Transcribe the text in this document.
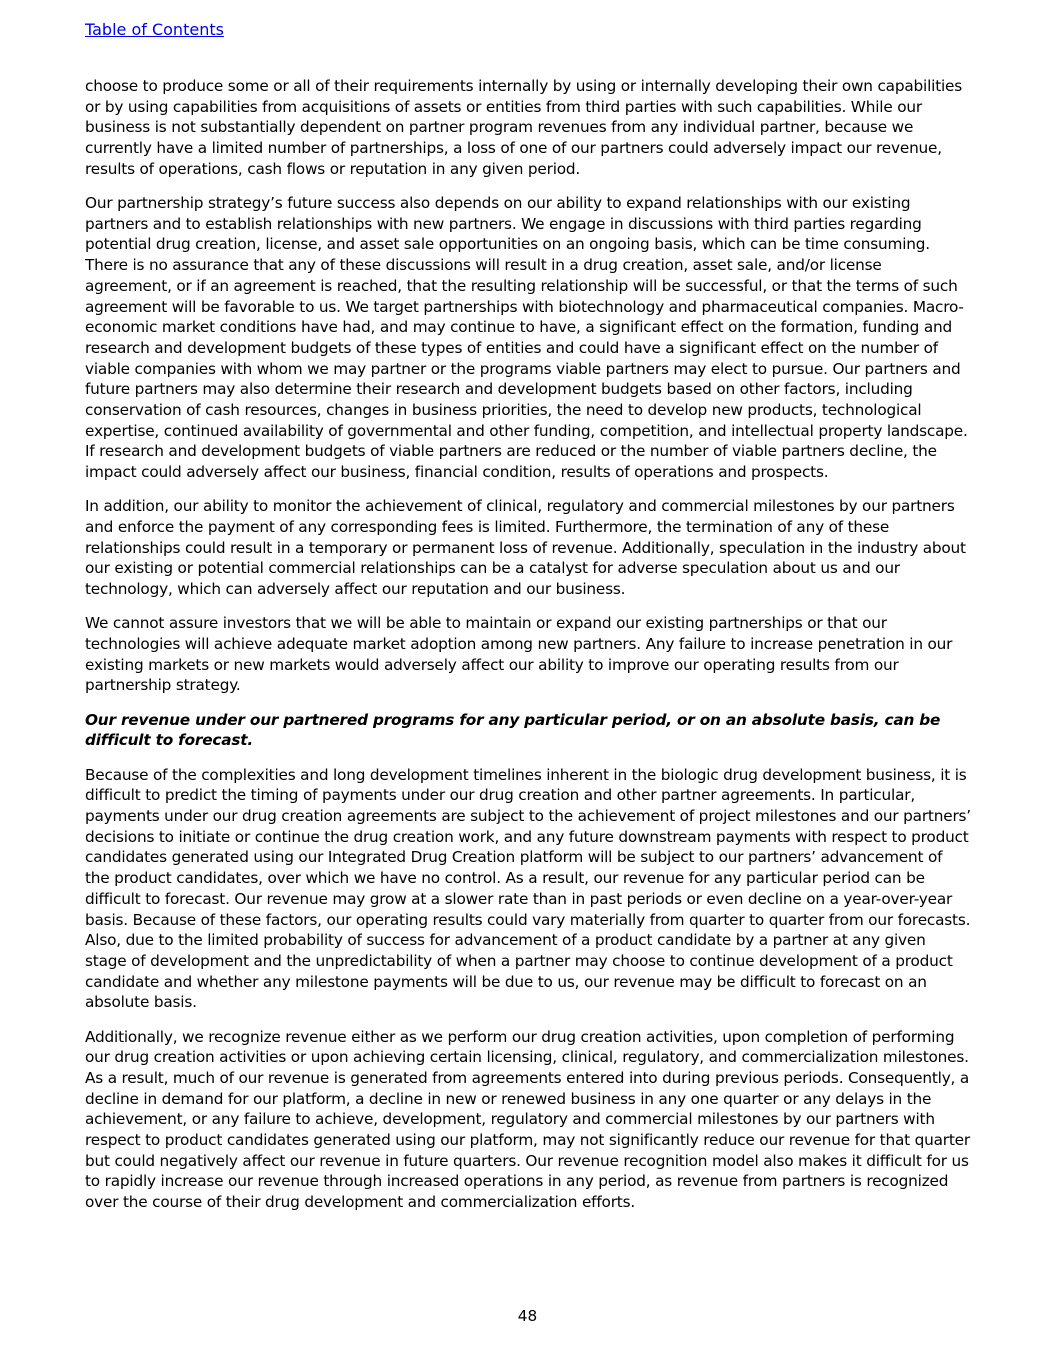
Table of Contents

choose to produce some or all of their requirements internally by using or internally developing their own capabilities or by using capabilities from acquisitions of assets or entities from third parties with such capabilities. While our business is not substantially dependent on partner program revenues from any individual partner, because we currently have a limited number of partnerships, a loss of one of our partners could adversely impact our revenue, results of operations, cash flows or reputation in any given period.

Our partnership strategy’s future success also depends on our ability to expand relationships with our existing partners and to establish relationships with new partners. We engage in discussions with third parties regarding potential drug creation, license, and asset sale opportunities on an ongoing basis, which can be time consuming. There is no assurance that any of these discussions will result in a drug creation, asset sale, and/or license agreement, or if an agreement is reached, that the resulting relationship will be successful, or that the terms of such agreement will be favorable to us. We target partnerships with biotechnology and pharmaceutical companies. Macro-economic market conditions have had, and may continue to have, a significant effect on the formation, funding and research and development budgets of these types of entities and could have a significant effect on the number of viable companies with whom we may partner or the programs viable partners may elect to pursue. Our partners and future partners may also determine their research and development budgets based on other factors, including conservation of cash resources, changes in business priorities, the need to develop new products, technological expertise, continued availability of governmental and other funding, competition, and intellectual property landscape. If research and development budgets of viable partners are reduced or the number of viable partners decline, the impact could adversely affect our business, financial condition, results of operations and prospects.

In addition, our ability to monitor the achievement of clinical, regulatory and commercial milestones by our partners and enforce the payment of any corresponding fees is limited. Furthermore, the termination of any of these relationships could result in a temporary or permanent loss of revenue. Additionally, speculation in the industry about our existing or potential commercial relationships can be a catalyst for adverse speculation about us and our technology, which can adversely affect our reputation and our business.

We cannot assure investors that we will be able to maintain or expand our existing partnerships or that our technologies will achieve adequate market adoption among new partners. Any failure to increase penetration in our existing markets or new markets would adversely affect our ability to improve our operating results from our partnership strategy.

Our revenue under our partnered programs for any particular period, or on an absolute basis, can be difficult to forecast.

Because of the complexities and long development timelines inherent in the biologic drug development business, it is difficult to predict the timing of payments under our drug creation and other partner agreements. In particular, payments under our drug creation agreements are subject to the achievement of project milestones and our partners’ decisions to initiate or continue the drug creation work, and any future downstream payments with respect to product candidates generated using our Integrated Drug Creation platform will be subject to our partners’ advancement of the product candidates, over which we have no control. As a result, our revenue for any particular period can be difficult to forecast. Our revenue may grow at a slower rate than in past periods or even decline on a year-over-year basis. Because of these factors, our operating results could vary materially from quarter to quarter from our forecasts. Also, due to the limited probability of success for advancement of a product candidate by a partner at any given stage of development and the unpredictability of when a partner may choose to continue development of a product candidate and whether any milestone payments will be due to us, our revenue may be difficult to forecast on an absolute basis.

Additionally, we recognize revenue either as we perform our drug creation activities, upon completion of performing our drug creation activities or upon achieving certain licensing, clinical, regulatory, and commercialization milestones. As a result, much of our revenue is generated from agreements entered into during previous periods. Consequently, a decline in demand for our platform, a decline in new or renewed business in any one quarter or any delays in the achievement, or any failure to achieve, development, regulatory and commercial milestones by our partners with respect to product candidates generated using our platform, may not significantly reduce our revenue for that quarter but could negatively affect our revenue in future quarters. Our revenue recognition model also makes it difficult for us to rapidly increase our revenue through increased operations in any period, as revenue from partners is recognized over the course of their drug development and commercialization efforts.

48
